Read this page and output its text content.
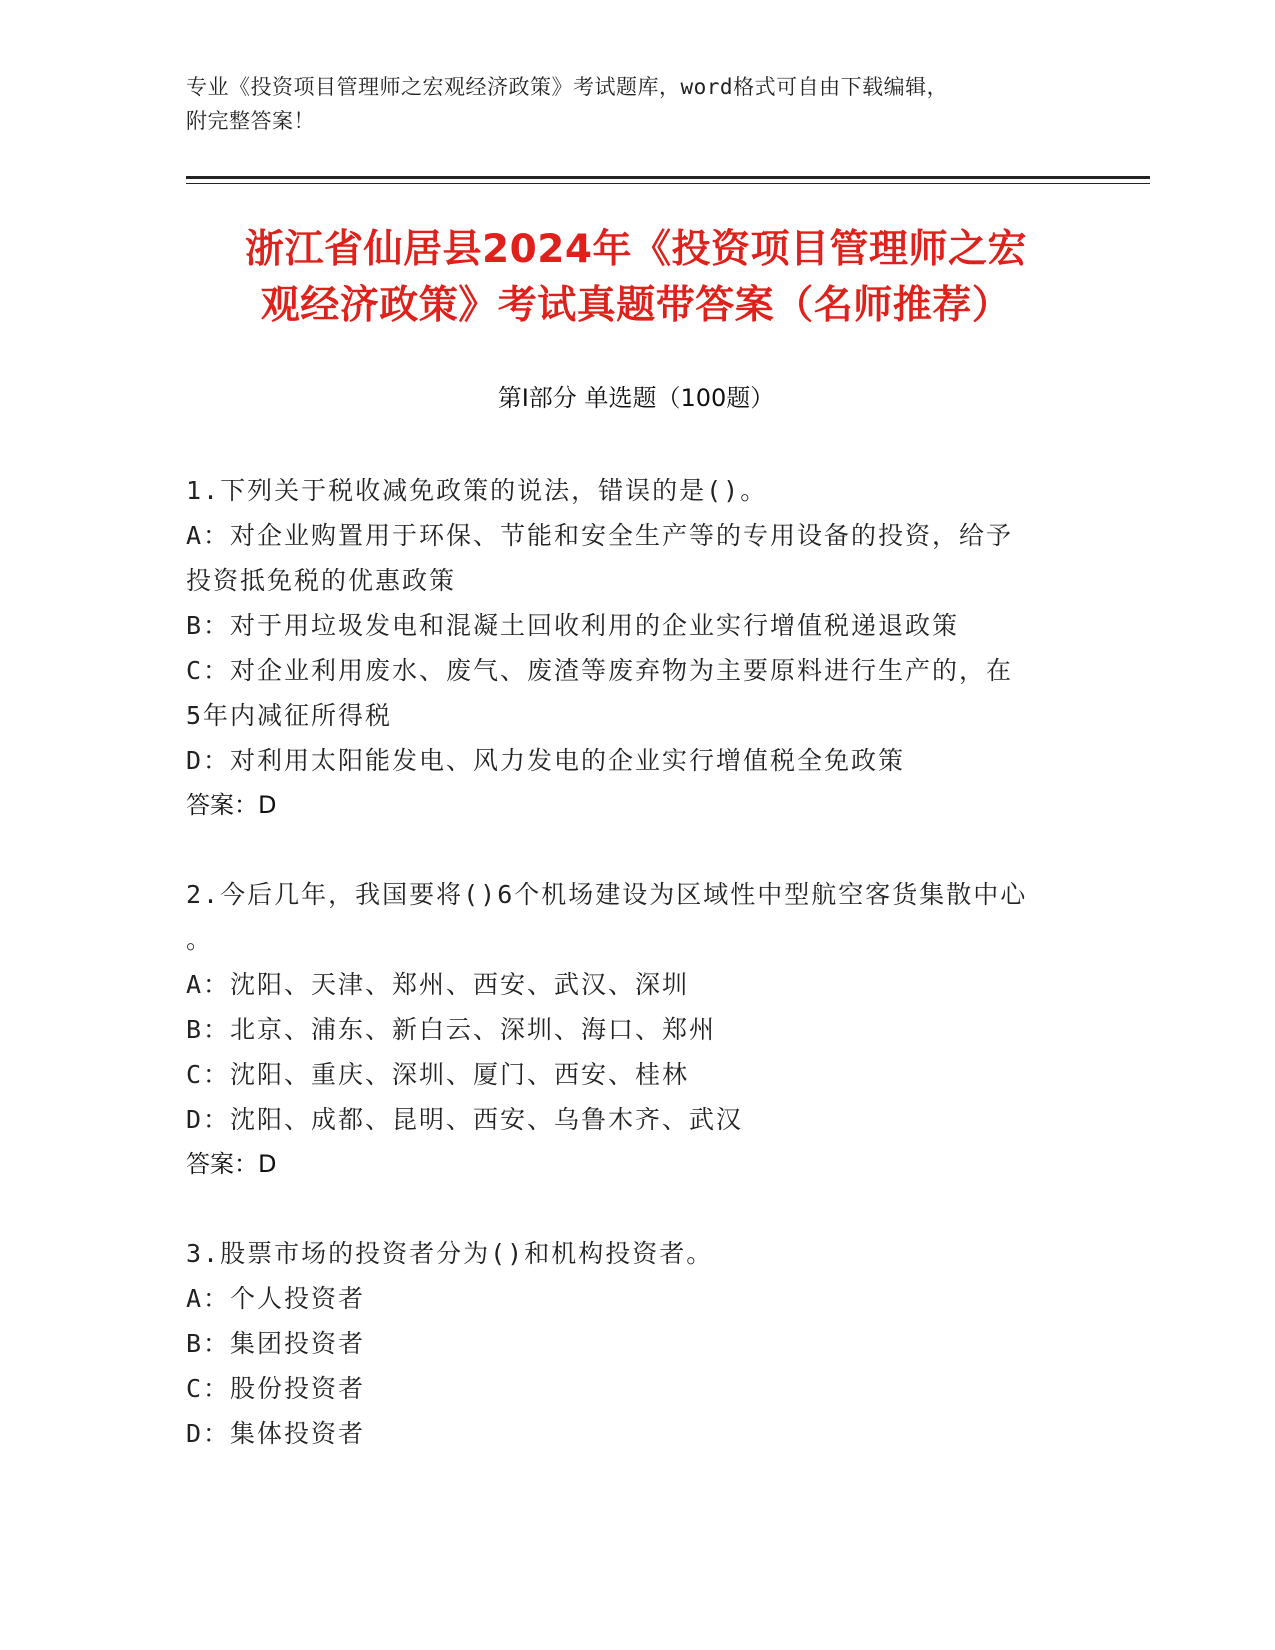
专业《投资项目管理师之宏观经济政策》考试题库，word格式可自由下载编辑，
附完整答案！
浙江省仙居县2024年《投资项目管理师之宏
观经济政策》考试真题带答案（名师推荐）
第I部分 单选题（100题）
1.下列关于税收减免政策的说法，错误的是()。
A：对企业购置用于环保、节能和安全生产等的专用设备的投资，给予
投资抵免税的优惠政策
B：对于用垃圾发电和混凝土回收利用的企业实行增值税递退政策
C：对企业利用废水、废气、废渣等废弃物为主要原料进行生产的，在
5年内减征所得税
D：对利用太阳能发电、风力发电的企业实行增值税全免政策
答案：D
2.今后几年，我国要将()6个机场建设为区域性中型航空客货集散中心
。
A：沈阳、天津、郑州、西安、武汉、深圳
B：北京、浦东、新白云、深圳、海口、郑州
C：沈阳、重庆、深圳、厦门、西安、桂林
D：沈阳、成都、昆明、西安、乌鲁木齐、武汉
答案：D
3.股票市场的投资者分为()和机构投资者。
A：个人投资者
B：集团投资者
C：股份投资者
D：集体投资者
